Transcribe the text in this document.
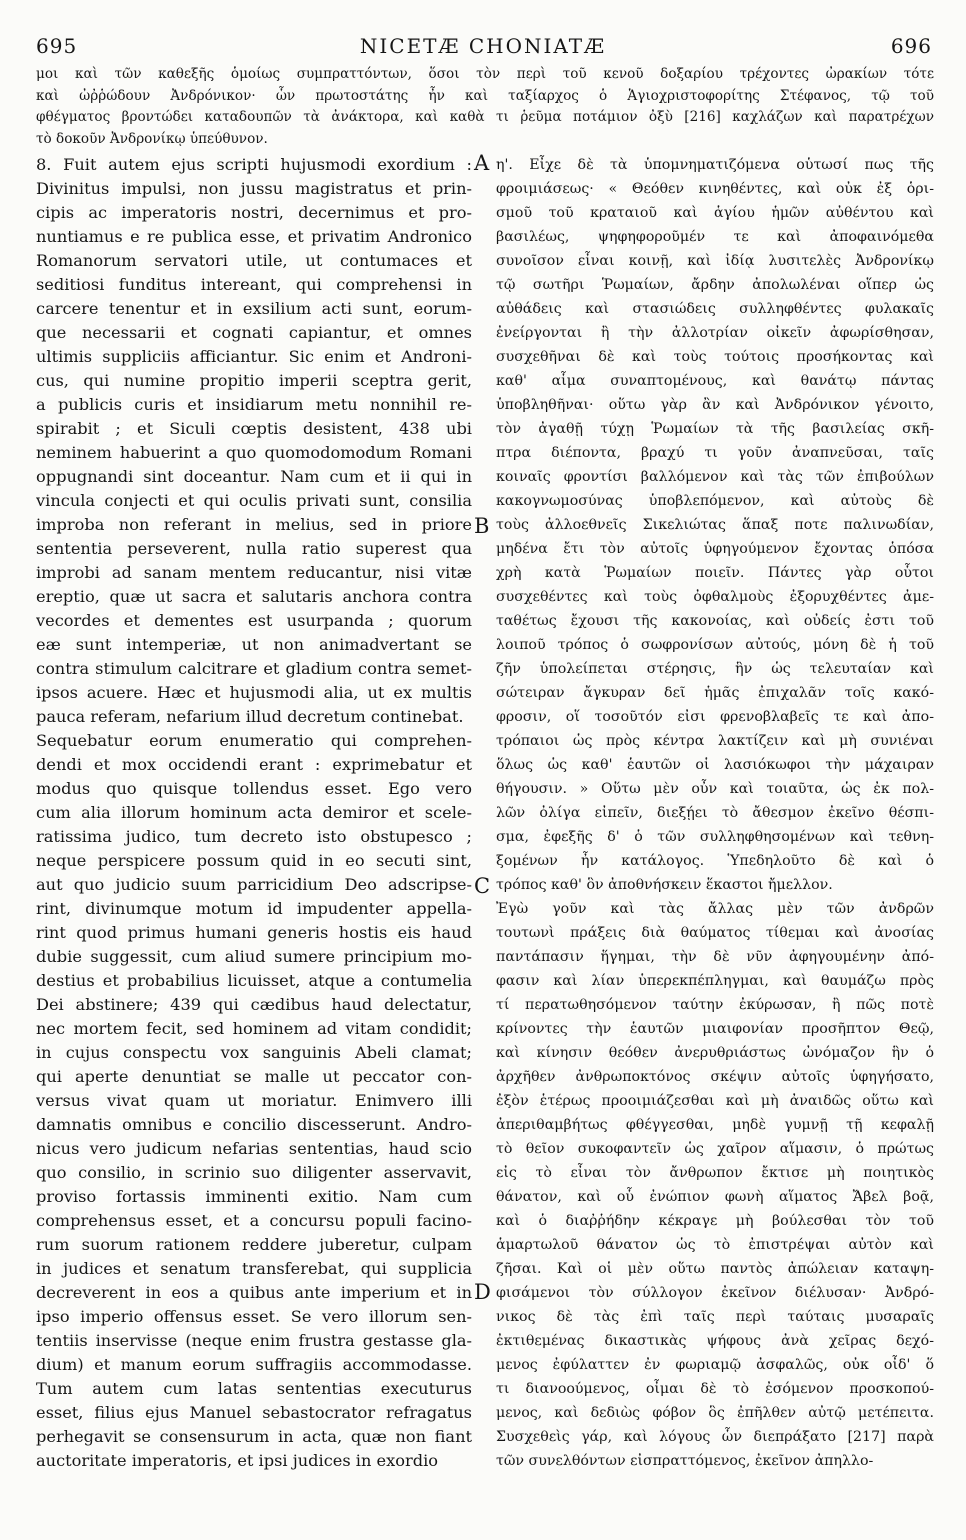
695	NICETÆ CHONIATÆ	696
μοι καὶ τῶν καθεξῆς ὁμοίως συμπραττόντων, ὅσοι τὸν περὶ τοῦ κενοῦ δοξαρίου τρέχοντες ὠρακίων τότε
καὶ ὠῤῥώδουν Ἀνδρόνικον· ὧν πρωτοστάτης ἦν καὶ ταξίαρχος ὁ Ἁγιοχριστοφορίτης Στέφανος, τῷ τοῦ
φθέγματος βροντώδει καταδουπῶν τὰ ἀνάκτορα, καὶ καθὰ τι ῥεῦμα ποτάμιον ὀξὺ [216] καχλάζων καὶ παρατρέχων
τὸ δοκοῦν Ἀνδρονίκῳ ὑπεύθυνον.
8. Fuit autem ejus scripti hujusmodi exordium :
Divinitus impulsi, non jussu magistratus et prin-
cipis ac imperatoris nostri, decernimus et pro-
nuntiamus e re publica esse, et privatim Andronico
Romanorum servatori utile, ut contumaces et
seditiosi funditus intereant, qui comprehensi in
carcere tenentur et in exsilium acti sunt, eorum-
que necessarii et cognati capiantur, et omnes
ultimis suppliciis afficiantur. Sic enim et Androni-
cus, qui numine propitio imperii sceptra gerit,
a publicis curis et insidiarum metu nonnihil re-
spirabit ; et Siculi cœptis desistent, 438 ubi
neminem habuerint a quo quomodomodum Romani
oppugnandi sint doceantur. Nam cum et ii qui in
vincula conjecti et qui oculis privati sunt, consilia
improba non referant in melius, sed in priore
sententia perseverent, nulla ratio superest qua
improbi ad sanam mentem reducantur, nisi vitæ
ereptio, quæ ut sacra et salutaris anchora contra
vecordes et dementes est usurpanda ; quorum
eæ sunt intemperiæ, ut non animadvertant se
contra stimulum calcitrare et gladium contra semet-
ipsos acuere. Hæc et hujusmodi alia, ut ex multis
pauca referam, nefarium illud decretum continebat.
Sequebatur eorum enumeratio qui comprehen-
dendi et mox occidendi erant : exprimebatur et
modus quo quisque tollendus esset. Ego vero
cum alia illorum hominum acta demiror et scele-
ratissima judico, tum decreto isto obstupesco ;
neque perspicere possum quid in eo secuti sint,
aut quo judicio suum parricidium Deo adscripse-
rint, divinumque motum id impudenter appella-
rint quod primus humani generis hostis eis haud
dubie suggessit, cum aliud sumere principium mo-
destius et probabilius licuisset, atque a contumelia
Dei abstinere; 439 qui cædibus haud delectatur,
nec mortem fecit, sed hominem ad vitam condidit;
in cujus conspectu vox sanguinis Abeli clamat;
qui aperte denuntiat se malle ut peccator con-
versus vivat quam ut moriatur. Enimvero illi
damnatis omnibus e concilio discesserunt. Andro-
nicus vero judicum nefarias sententias, haud scio
quo consilio, in scrinio suo diligenter asservavit,
proviso fortassis imminenti exitio. Nam cum
comprehensus esset, et a concursu populi facino-
rum suorum rationem reddere juberetur, culpam
in judices et senatum transferebat, qui supplicia
decreverent in eos a quibus ante imperium et in
ipso imperio offensus esset. Se vero illorum sen-
tentiis inservisse (neque enim frustra gestasse gla-
dium) et manum eorum suffragiis accommodasse.
Tum autem cum latas sententias executurus
esset, filius ejus Manuel sebastocrator refragatus
perhegavit se consensurum in acta, quæ non fiant
auctoritate imperatoris, et ipsi judices in exordio
η'. Εἶχε δὲ τὰ ὑπομνηματιζόμενα οὑτωσί πως τῆς
φροιμιάσεως· « Θεόθεν κινηθέντες, καὶ οὐκ ἐξ ὁρι-
σμοῦ τοῦ κραταιοῦ καὶ ἁγίου ἡμῶν αὐθέντου καὶ
βασιλέως, ψηφηφοροῦμέν τε καὶ ἀποφαινόμεθα
συνοῖσον εἶναι κοινῇ, καὶ ἰδίᾳ λυσιτελὲς Ἀνδρονίκῳ
τῷ σωτῆρι Ῥωμαίων, ἄρδην ἀπολωλέναι οἵπερ ὡς
αὐθάδεις καὶ στασιώδεις συλληφθέντες φυλακαῖς
ἐνείργονται ἢ τὴν ἀλλοτρίαν οἰκεῖν ἀφωρίσθησαν,
συσχεθῆναι δὲ καὶ τοὺς τούτοις προσήκοντας καὶ
καθ' αἷμα συναπτομένους, καὶ θανάτῳ πάντας
ὑποβληθῆναι· οὕτω γὰρ ἂν καὶ Ἀνδρόνικον γένοιτο,
τὸν ἀγαθῇ τύχῃ Ῥωμαίων τὰ τῆς βασιλείας σκῆ-
πτρα διέποντα, βραχύ τι γοῦν ἀναπνεῦσαι, ταῖς
κοιναῖς φροντίσι βαλλόμενον καὶ τὰς τῶν ἐπιβούλων
κακογνωμοσύνας ὑποβλεπόμενον, καὶ αὐτοὺς δὲ
τοὺς ἀλλοεθνεῖς Σικελιώτας ἅπαξ ποτε παλινωδίαν,
μηδένα ἔτι τὸν αὐτοῖς ὑφηγούμενον ἔχοντας ὁπόσα
χρὴ κατὰ Ῥωμαίων ποιεῖν. Πάντες γὰρ οὗτοι
συσχεθέντες καὶ τοὺς ὀφθαλμοὺς ἐξορυχθέντες ἀμε-
ταθέτως ἔχουσι τῆς κακονοίας, καὶ οὐδείς ἐστι τοῦ
λοιποῦ τρόπος ὁ σωφρονίσων αὐτούς, μόνη δὲ ἡ τοῦ
ζῆν ὑπολείπεται στέρησις, ἣν ὡς τελευταίαν καὶ
σώτειραν ἄγκυραν δεῖ ἡμᾶς ἐπιχαλᾶν τοῖς κακό-
φροσιν, οἵ τοσοῦτόν εἰσι φρενοβλαβεῖς τε καὶ ἀπο-
τρόπαιοι ὡς πρὸς κέντρα λακτίζειν καὶ μὴ συνιέναι
ὅλως ὡς καθ' ἑαυτῶν οἱ λασιόκωφοι τὴν μάχαιραν
θήγουσιν. » Οὕτω μὲν οὖν καὶ τοιαῦτα, ὡς ἐκ πολ-
λῶν ὀλίγα εἰπεῖν, διεξῄει τὸ ἄθεσμον ἐκεῖνο θέσπι-
σμα, ἐφεξῆς δ' ὁ τῶν συλληφθησομένων καὶ τεθνη-
ξομένων ἦν κατάλογος. Ὑπεδηλοῦτο δὲ καὶ ὁ
τρόπος καθ' ὃν ἀποθνήσκειν ἕκαστοι ἤμελλον.
Ἐγὼ γοῦν καὶ τὰς ἄλλας μὲν τῶν ἀνδρῶν
τουτωνὶ πράξεις διὰ θαύματος τίθεμαι καὶ ἀνοσίας
παντάπασιν ἥγημαι, τὴν δὲ νῦν ἀφηγουμένην ἀπό-
φασιν καὶ λίαν ὑπερεκπέπληγμαι, καὶ θαυμάζω πρὸς
τί περατωθησόμενον ταύτην ἐκύρωσαν, ἢ πῶς ποτὲ
κρίνοντες τὴν ἑαυτῶν μιαιφονίαν προσῆπτον Θεῷ,
καὶ κίνησιν θεόθεν ἀνερυθριάστως ὠνόμαζον ἣν ὁ
ἀρχῆθεν ἀνθρωποκτόνος σκέψιν αὐτοῖς ὑφηγήσατο,
ἐξὸν ἑτέρως προοιμιάζεσθαι καὶ μὴ ἀναιδῶς οὕτω καὶ
ἀπεριθαμβήτως φθέγγεσθαι, μηδὲ γυμνῇ τῇ κεφαλῇ
τὸ θεῖον συκοφαντεῖν ὡς χαῖρον αἵμασιν, ὁ πρώτως
εἰς τὸ εἶναι τὸν ἄνθρωπον ἔκτισε μὴ ποιητικὸς
θάνατον, καὶ οὗ ἐνώπιον φωνὴ αἵματος Ἄβελ βοᾷ,
καὶ ὁ διαῤῥήδην κέκραγε μὴ βούλεσθαι τὸν τοῦ
ἁμαρτωλοῦ θάνατον ὡς τὸ ἐπιστρέψαι αὐτὸν καὶ
ζῆσαι. Καὶ οἱ μὲν οὕτω παντὸς ἀπώλειαν καταψη-
φισάμενοι τὸν σύλλογον ἐκεῖνον διέλυσαν· Ἀνδρό-
νικος δὲ τὰς ἐπὶ ταῖς περὶ ταύταις μυσαραῖς
ἐκτιθεμένας δικαστικὰς ψήφους ἀνὰ χεῖρας δεχό-
μενος ἐφύλαττεν ἐν φωριαμῷ ἀσφαλῶς, οὐκ οἶδ' ὅ
τι διανοούμενος, οἶμαι δὲ τὸ ἐσόμενον προσκοπού-
μενος, καὶ δεδιὼς φόβον ὃς ἐπῆλθεν αὐτῷ μετέπειτα.
Συσχεθεὶς γάρ, καὶ λόγους ὧν διεπράξατο [217] παρὰ
τῶν συνελθόντων εἰσπραττόμενος, ἐκεῖνον ἀπηλλο-
A
B
C
D
